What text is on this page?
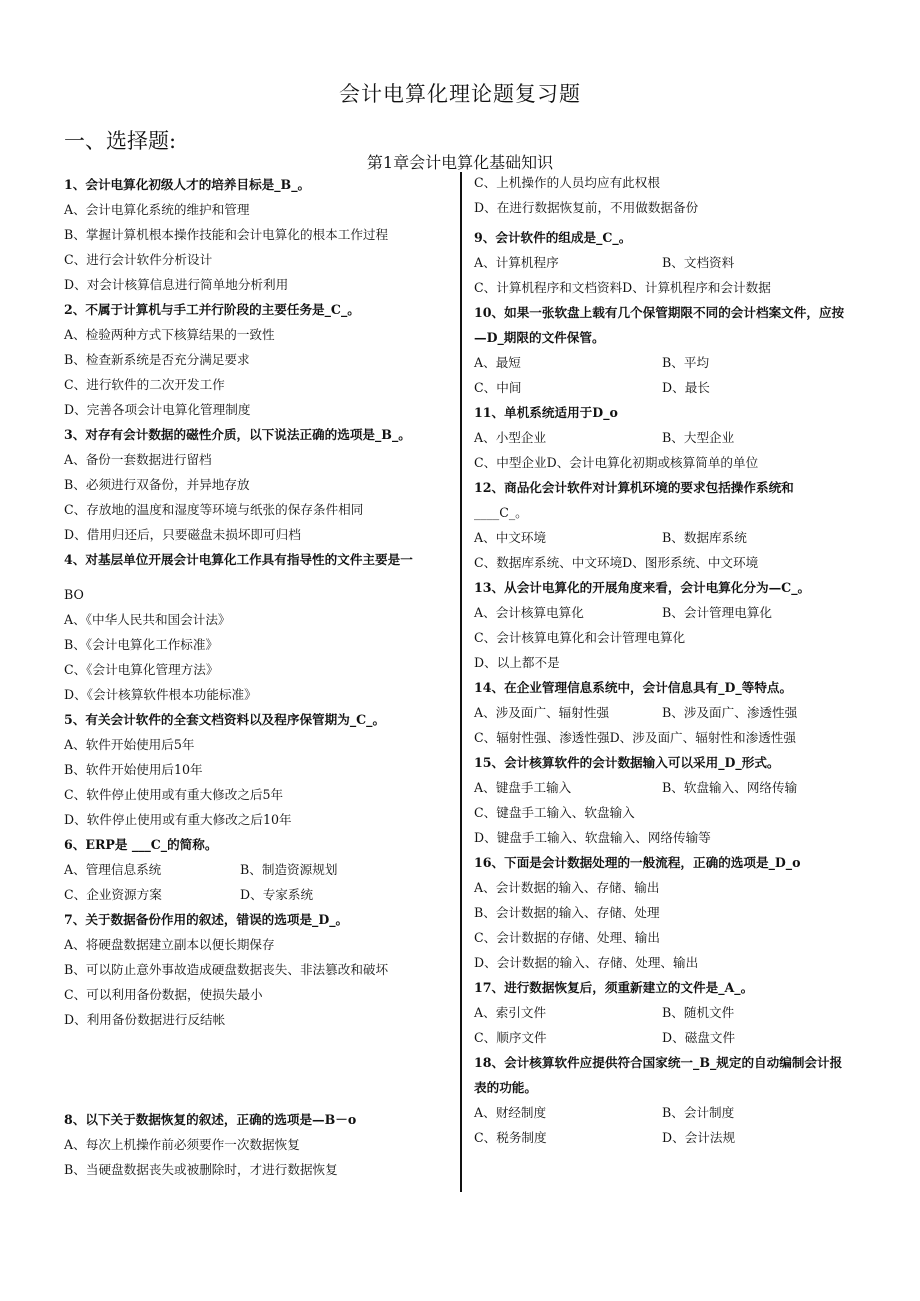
会计电算化理论题复习题
一、选择题:
第1章会计电算化基础知识
1、会计电算化初级人才的培养目标是_B_。
A、会计电算化系统的维护和管理
B、掌握计算机根本操作技能和会计电算化的根本工作过程
C、进行会计软件分析设计
D、对会计核算信息进行简单地分析利用
2、不属于计算机与手工并行阶段的主要任务是_C_。
A、检验两种方式下核算结果的一致性
B、检查新系统是否充分满足要求
C、进行软件的二次开发工作
D、完善各项会计电算化管理制度
3、对存有会计数据的磁性介质，以下说法正确的选项是_B_。
A、备份一套数据进行留档
B、必须进行双备份，并异地存放
C、存放地的温度和湿度等环境与纸张的保存条件相同
D、借用归还后，只要磁盘未损坏即可归档
4、对基层单位开展会计电算化工作具有指导性的文件主要是一
BO
A、《中华人民共和国会计法》
B、《会计电算化工作标准》
C、《会计电算化管理方法》
D、《会计核算软件根本功能标准》
5、有关会计软件的全套文档资料以及程序保管期为_C_。
A、软件开始使用后5年
B、软件开始使用后10年
C、软件停止使用或有重大修改之后5年
D、软件停止使用或有重大修改之后10年
6、ERP是 ___C_的简称。
A、管理信息系统	B、制造资源规划
C、企业资源方案	D、专家系统
7、关于数据备份作用的叙述，错误的选项是_D_。
A、将硬盘数据建立副本以便长期保存
B、可以防止意外事故造成硬盘数据丧失、非法篡改和破坏
C、可以利用备份数据，使损失最小
D、利用备份数据进行反结帐
8、以下关于数据恢复的叙述，正确的选项是—B－o
A、每次上机操作前必须要作一次数据恢复
B、当硬盘数据丧失或被删除时，才进行数据恢复
C、上机操作的人员均应有此权根
D、在进行数据恢复前，不用做数据备份
9、会计软件的组成是_C_。
A、计算机程序	B、文档资料
C、计算机程序和文档资料D、计算机程序和会计数据
10、如果一张软盘上载有几个保管期限不同的会计档案文件，应按—D_期限的文件保管。
A、最短	B、平均
C、中间	D、最长
11、单机系统适用于D_o
A、小型企业	B、大型企业
C、中型企业D、会计电算化初期或核算简单的单位
12、商品化会计软件对计算机环境的要求包括操作系统和
____C_。
A、中文环境	B、数据库系统
C、数据库系统、中文环境D、图形系统、中文环境
13、从会计电算化的开展角度来看，会计电算化分为—C_。
A、会计核算电算化	B、会计管理电算化
C、会计核算电算化和会计管理电算化
D、以上都不是
14、在企业管理信息系统中，会计信息具有_D_等特点。
A、涉及面广、辐射性强	B、涉及面广、渗透性强
C、辐射性强、渗透性强D、涉及面广、辐射性和渗透性强
15、会计核算软件的会计数据输入可以采用_D_形式。
A、键盘手工输入	B、软盘输入、网络传输
C、键盘手工输入、软盘输入
D、键盘手工输入、软盘输入、网络传输等
16、下面是会计数据处理的一般流程，正确的选项是_D_o
A、会计数据的输入、存储、输出
B、会计数据的输入、存储、处理
C、会计数据的存储、处理、输出
D、会计数据的输入、存储、处理、输出
17、进行数据恢复后，须重新建立的文件是_A_。
A、索引文件	B、随机文件
C、顺序文件	D、磁盘文件
18、会计核算软件应提供符合国家统一_B_规定的自动编制会计报表的功能。
A、财经制度	B、会计制度
C、税务制度	D、会计法规
